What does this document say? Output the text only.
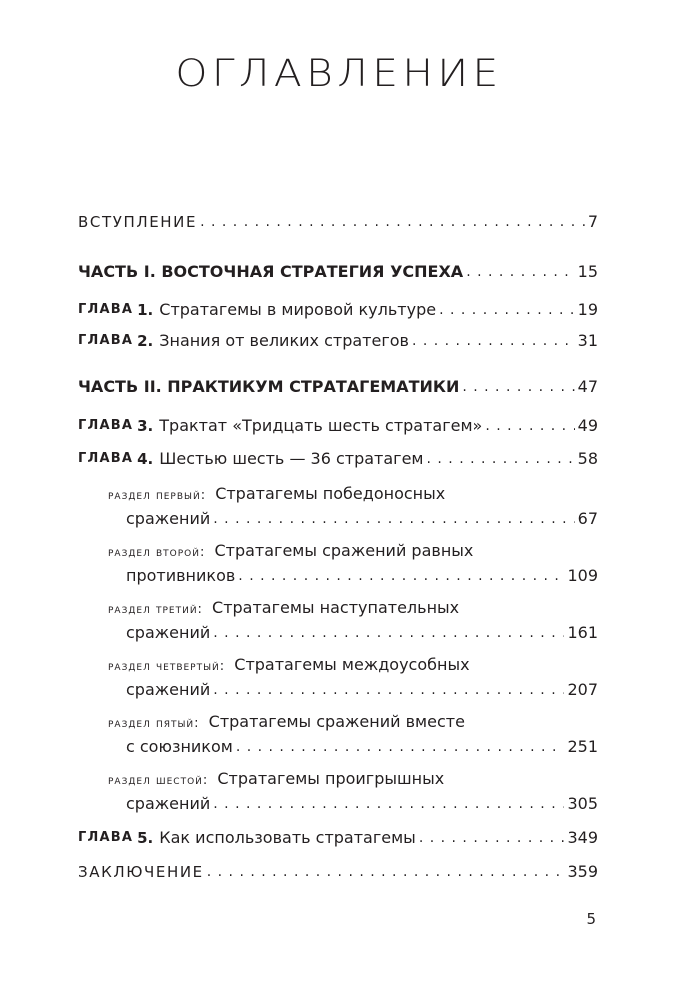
ОГЛАВЛЕНИЕ
ВСТУПЛЕНИЕ . . .	7
ЧАСТЬ I. ВОСТОЧНАЯ СТРАТЕГИЯ УСПЕХА . . .	15
ГЛАВА 1. Стратагемы в мировой культуре . . .	19
ГЛАВА 2. Знания от великих стратегов . . .	31
ЧАСТЬ II. ПРАКТИКУМ СТРАТАГЕМАТИКИ . . .	47
ГЛАВА 3. Трактат «Тридцать шесть стратагем» . . .	49
ГЛАВА 4. Шестью шесть — 36 стратагем . . .	58
раздел первый: Стратагемы победоносных
сражений . . .	67
раздел второй: Стратагемы сражений равных
противников . . .	109
раздел третий: Стратагемы наступательных
сражений . . .	161
раздел четвертый: Стратагемы междоусобных
сражений . . .	207
раздел пятый: Стратагемы сражений вместе
с союзником . . .	251
раздел шестой: Стратагемы проигрышных
сражений . . .	305
ГЛАВА 5. Как использовать стратагемы . . .	349
ЗАКЛЮЧЕНИЕ . . .	359
5
